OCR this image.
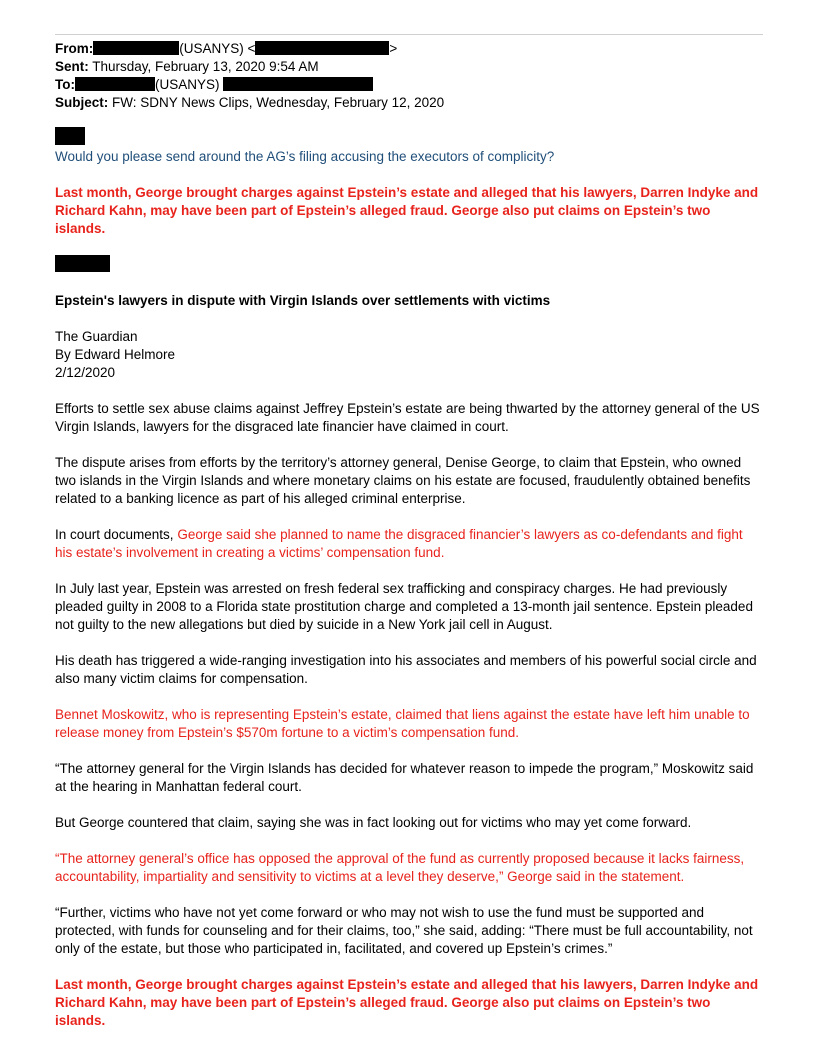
From:	(USANYS) <	>
Sent: Thursday, February 13, 2020 9:54 AM
To:	(USANYS)
Subject: FW: SDNY News Clips, Wednesday, February 12, 2020

Would you please send around the AG’s filing accusing the executors of complicity?

Last month, George brought charges against Epstein’s estate and alleged that his lawyers, Darren Indyke and Richard Kahn, may have been part of Epstein’s alleged fraud. George also put claims on Epstein’s two islands.

Epstein's lawyers in dispute with Virgin Islands over settlements with victims

The Guardian
By Edward Helmore
2/12/2020

Efforts to settle sex abuse claims against Jeffrey Epstein’s estate are being thwarted by the attorney general of the US Virgin Islands, lawyers for the disgraced late financier have claimed in court.

The dispute arises from efforts by the territory’s attorney general, Denise George, to claim that Epstein, who owned two islands in the Virgin Islands and where monetary claims on his estate are focused, fraudulently obtained benefits related to a banking licence as part of his alleged criminal enterprise.

In court documents, George said she planned to name the disgraced financier’s lawyers as co-defendants and fight his estate’s involvement in creating a victims’ compensation fund.

In July last year, Epstein was arrested on fresh federal sex trafficking and conspiracy charges. He had previously pleaded guilty in 2008 to a Florida state prostitution charge and completed a 13-month jail sentence. Epstein pleaded not guilty to the new allegations but died by suicide in a New York jail cell in August.

His death has triggered a wide-ranging investigation into his associates and members of his powerful social circle and also many victim claims for compensation.

Bennet Moskowitz, who is representing Epstein’s estate, claimed that liens against the estate have left him unable to release money from Epstein’s $570m fortune to a victim’s compensation fund.

“The attorney general for the Virgin Islands has decided for whatever reason to impede the program,” Moskowitz said at the hearing in Manhattan federal court.

But George countered that claim, saying she was in fact looking out for victims who may yet come forward.

“The attorney general’s office has opposed the approval of the fund as currently proposed because it lacks fairness, accountability, impartiality and sensitivity to victims at a level they deserve,” George said in the statement.

“Further, victims who have not yet come forward or who may not wish to use the fund must be supported and protected, with funds for counseling and for their claims, too,” she said, adding: “There must be full accountability, not only of the estate, but those who participated in, facilitated, and covered up Epstein’s crimes.”

Last month, George brought charges against Epstein’s estate and alleged that his lawyers, Darren Indyke and Richard Kahn, may have been part of Epstein’s alleged fraud. George also put claims on Epstein’s two islands.
